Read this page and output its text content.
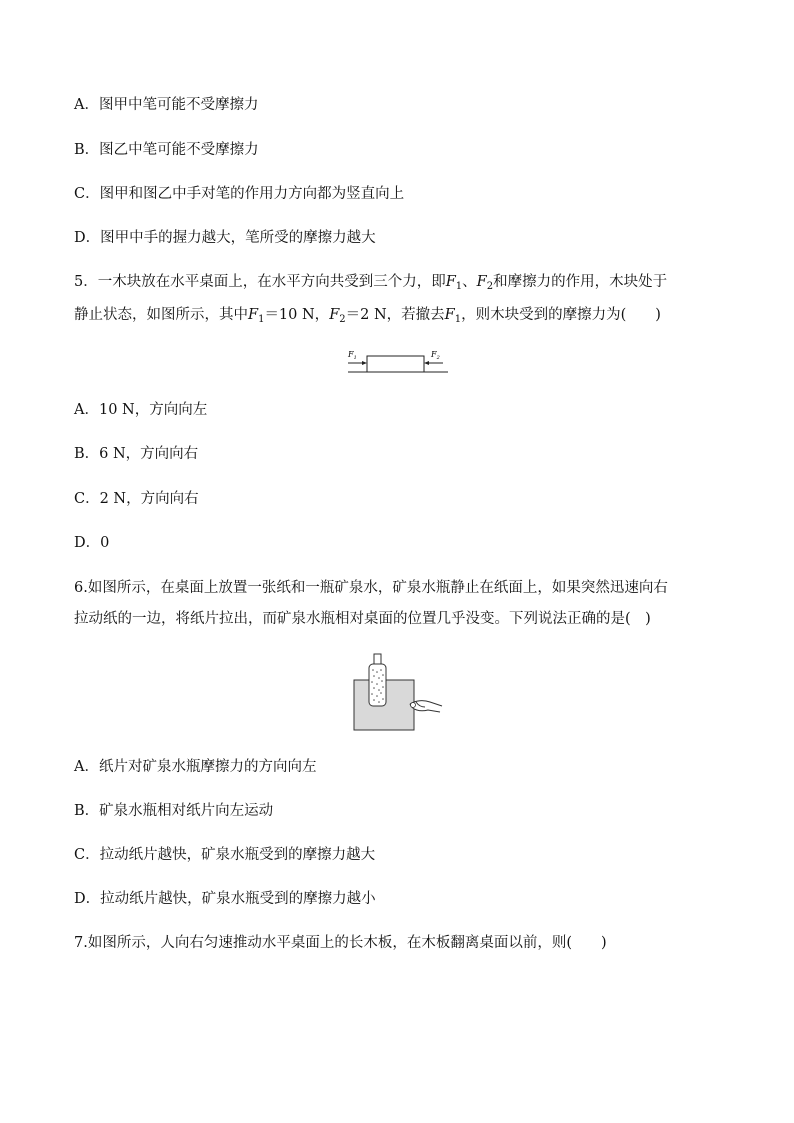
A．图甲中笔可能不受摩擦力
B．图乙中笔可能不受摩擦力
C．图甲和图乙中手对笔的作用力方向都为竖直向上
D．图甲中手的握力越大，笔所受的摩擦力越大
5．一木块放在水平桌面上，在水平方向共受到三个力，即$F_1$、$F_2$和摩擦力的作用，木块处于
静止状态，如图所示，其中$F_1=10$ N，$F_2=2$ N，若撤去$F_1$，则木块受到的摩擦力为(　　)
$F_1$	$F_2$
A．10 N，方向向左
B．6 N，方向向右
C．2 N，方向向右
D．0
6.如图所示，在桌面上放置一张纸和一瓶矿泉水，矿泉水瓶静止在纸面上，如果突然迅速向右
拉动纸的一边，将纸片拉出，而矿泉水瓶相对桌面的位置几乎没变。下列说法正确的是(　)
A．纸片对矿泉水瓶摩擦力的方向向左
B．矿泉水瓶相对纸片向左运动
C．拉动纸片越快，矿泉水瓶受到的摩擦力越大
D．拉动纸片越快，矿泉水瓶受到的摩擦力越小
7.如图所示，人向右匀速推动水平桌面上的长木板，在木板翻离桌面以前，则(　　)
